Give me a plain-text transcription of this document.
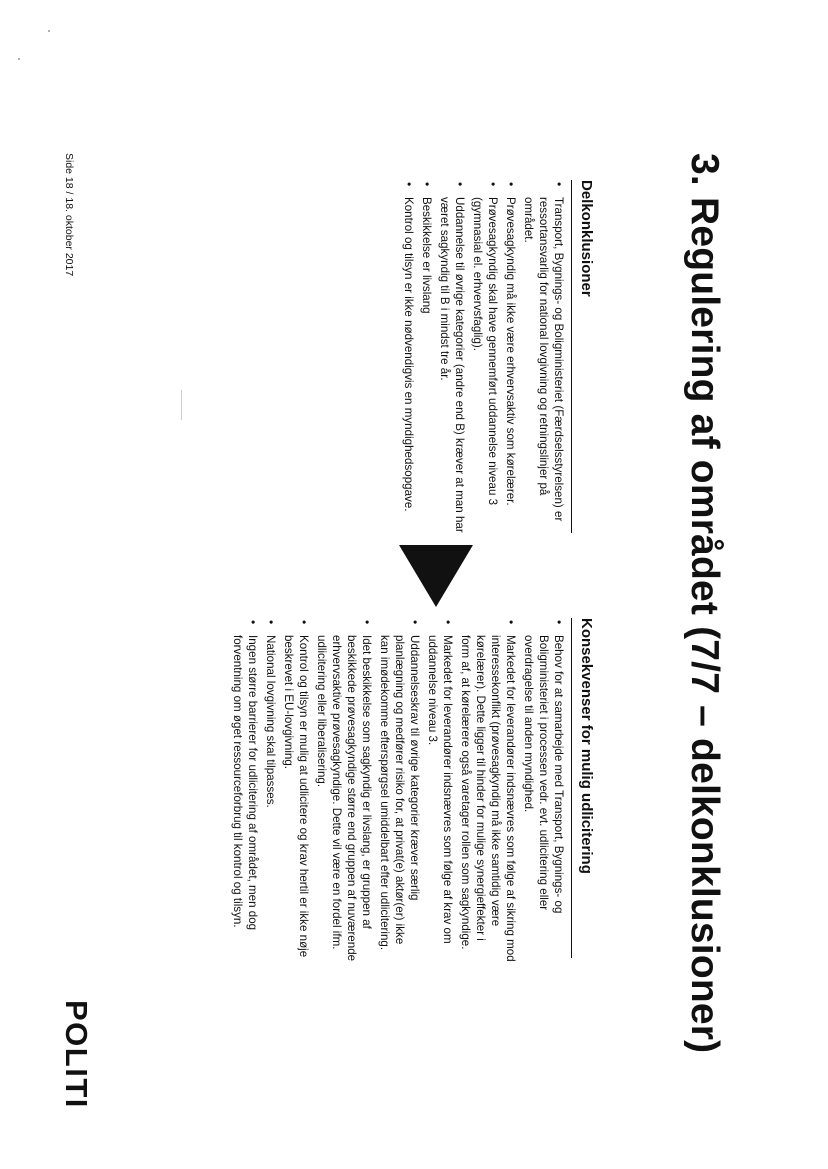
3. Regulering af området (7/7 – delkonklusioner)
Delkonklusioner
• Transport, Bygnings- og Boligministeriet (Færdselsstyrelsen) er ressortansvarlig for national lovgivning og retningslinjer på området.
• Prøvesagkyndig må ikke være erhvervsaktiv som kørelærer.
• Prøvesagkyndig skal have gennemført uddannelse niveau 3 (gymnasial el. erhvervsfaglig).
• Uddannelse til øvrige kategorier (andre end B) kræver at man har været sagkyndig til B i mindst tre år.
• Beskikkelse er livslang
• Kontrol og tilsyn er ikke nødvendigvis en myndighedsopgave.
Konsekvenser for mulig udlicitering
• Behov for at samarbejde med Transport, Bygnings- og Boligministeriet i processen vedr. evt. udlicitering eller overdragelse til anden myndighed.
• Markedet for leverandører indsnævres som følge af sikring mod interessekonflikt (prøvesagkyndig må ikke samtidig være kørelærer). Dette ligger til hinder for mulige synergieffekter i form af, at kørelærere også varetager rollen som sagkyndige.
• Markedet for leverandører indsnævres som følge af krav om uddannelse niveau 3.
• Uddannelseskrav til øvrige kategorier kræver særlig planlægning og medfører risiko for, at privat(e) aktør(er) ikke kan imødekomme efterspørgsel umiddelbart efter udlicitering.
• Idet beskikkelse som sagkyndig er livslang, er gruppen af beskikkede prøvesagkyndige større end gruppen af nuværende erhvervsaktive prøvesagkyndige. Dette vil være en fordel ifm. udlicitering eller liberalisering.
• Kontrol og tilsyn er mulig at udlicitere og krav hertil er ikke nøje beskrevet i EU-lovgivning.
• National lovgivning skal tilpasses.
• Ingen større barrierer for udlicitering af området, men dog forventning om øget ressourceforbrug til kontrol og tilsyn.

Side 18 / 18. oktober 2017

POLITI
